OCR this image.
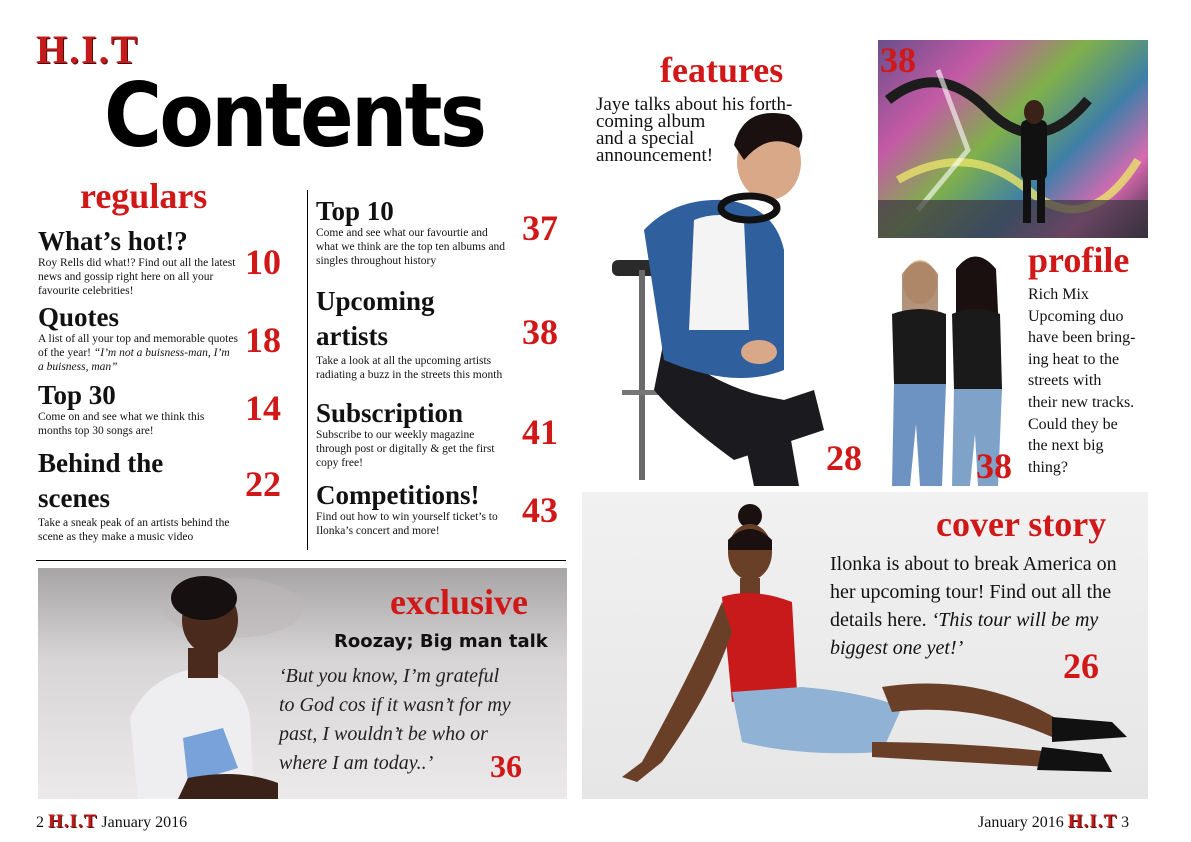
H.I.T
Contents
regulars
What’s hot!?
Roy Rells did what!? Find out all the latest news and gossip right here on all your favourite celebrities!
10
Quotes
A list of all your top and memorable quotes of the year! “I’m not a buisness-man, I’m a buisness, man”
18
Top 30
Come on and see what we think this months top 30 songs are!
14
Behind the
scenes
Take a sneak peak of an artists behind the scene as they make a music video
22
Top 10
Come and see what our favourtie and what we think are the top ten albums and singles throughout history
37
Upcoming
artists
Take a look at all the upcoming artists radiating a buzz in the streets this month
38
Subscription
Subscribe to our weekly magazine through post or digitally & get the first copy free!
41
Competitions!
Find out how to win yourself ticket’s to Ilonka’s concert and more!
43
exclusive
Roozay; Big man talk
‘But you know, I’m grateful
to God cos if it wasn’t for my
past, I wouldn’t be who or
where I am today..’	36
2 H.I.T January 2016
features
Jaye talks about his forth-
coming album
and a special
announcement!
28
38
38
profile
Rich Mix
Upcoming duo
have been bring-
ing heat to the
streets with
their new tracks.
Could they be
the next big
thing?
cover story
Ilonka is about to break America on her upcoming tour! Find out all the details here. ‘This tour will be my biggest one yet!’	26
January 2016 H.I.T 3
